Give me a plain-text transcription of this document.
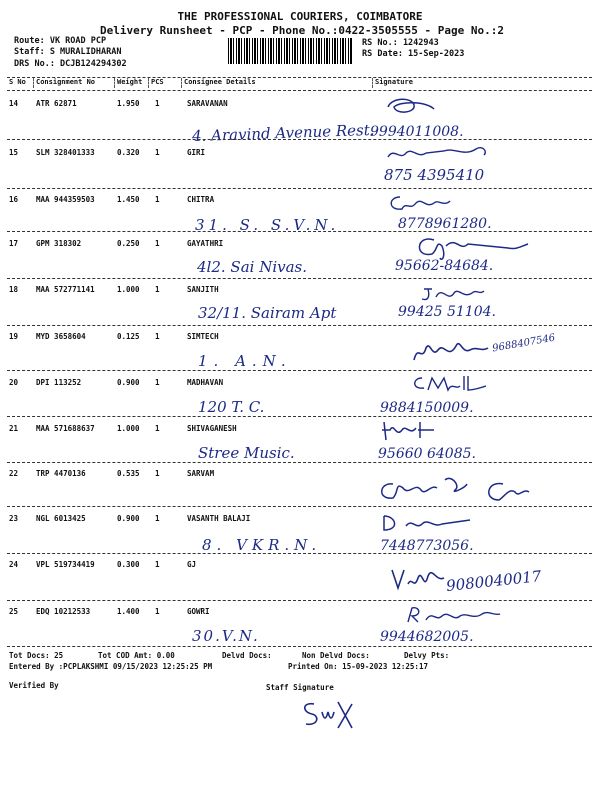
THE PROFESSIONAL COURIERS, COIMBATORE
Delivery Runsheet - PCP - Phone No.:0422-3505555 - Page No.:2
Route: VK ROAD PCP
Staff: S MURALIDHARAN
DRS No.: DCJB124294302
RS No.: 1242943
RS Date: 15-Sep-2023
S No Consignment No	Weight PCS	Consignee Details	Signature
14 ATR 62871	1.950 1	SARAVANAN
4. Aravind Avenue Rest.
9994011008.
15 SLM 328401333	0.320 1	GIRI
875 4395410
16 MAA 944359503	1.450 1	CHITRA
31. S. S.V.N.	8778961280.
17 GPM 318302	0.250 1	GAYATHRI
4l2. Sai Nivas.	95662-84684.
18 MAA 572771141	1.000 1	SANJITH
32/11. Sairam Apt	99425 51104.
19 MYD 3658604	0.125 1	SIMTECH
1. A.N.
9688407546
20 DPI 113252	0.900 1	MADHAVAN
120 T. C.	9884150009.
21 MAA 571688637	1.000 1	SHIVAGANESH
Stree Music.	95660 64085.
22 TRP 4470136	0.535 1	SARVAM
23 NGL 6013425	0.900 1	VASANTH BALAJI
8. VKR.N.	7448773056.
24 VPL 519734419	0.300 1	GJ
9080040017
25 EDQ 10212533	1.400 1	GOWRI
30.V.N.	9944682005.
Tot Docs: 25	Tot COD Amt: 0.00	Delvd Docs:	Non Delvd Docs:	Delvy Pts:
Entered By :PCPLAKSHMI 09/15/2023 12:25:25 PM	Printed On: 15-09-2023 12:25:17
Verified By	Staff Signature
